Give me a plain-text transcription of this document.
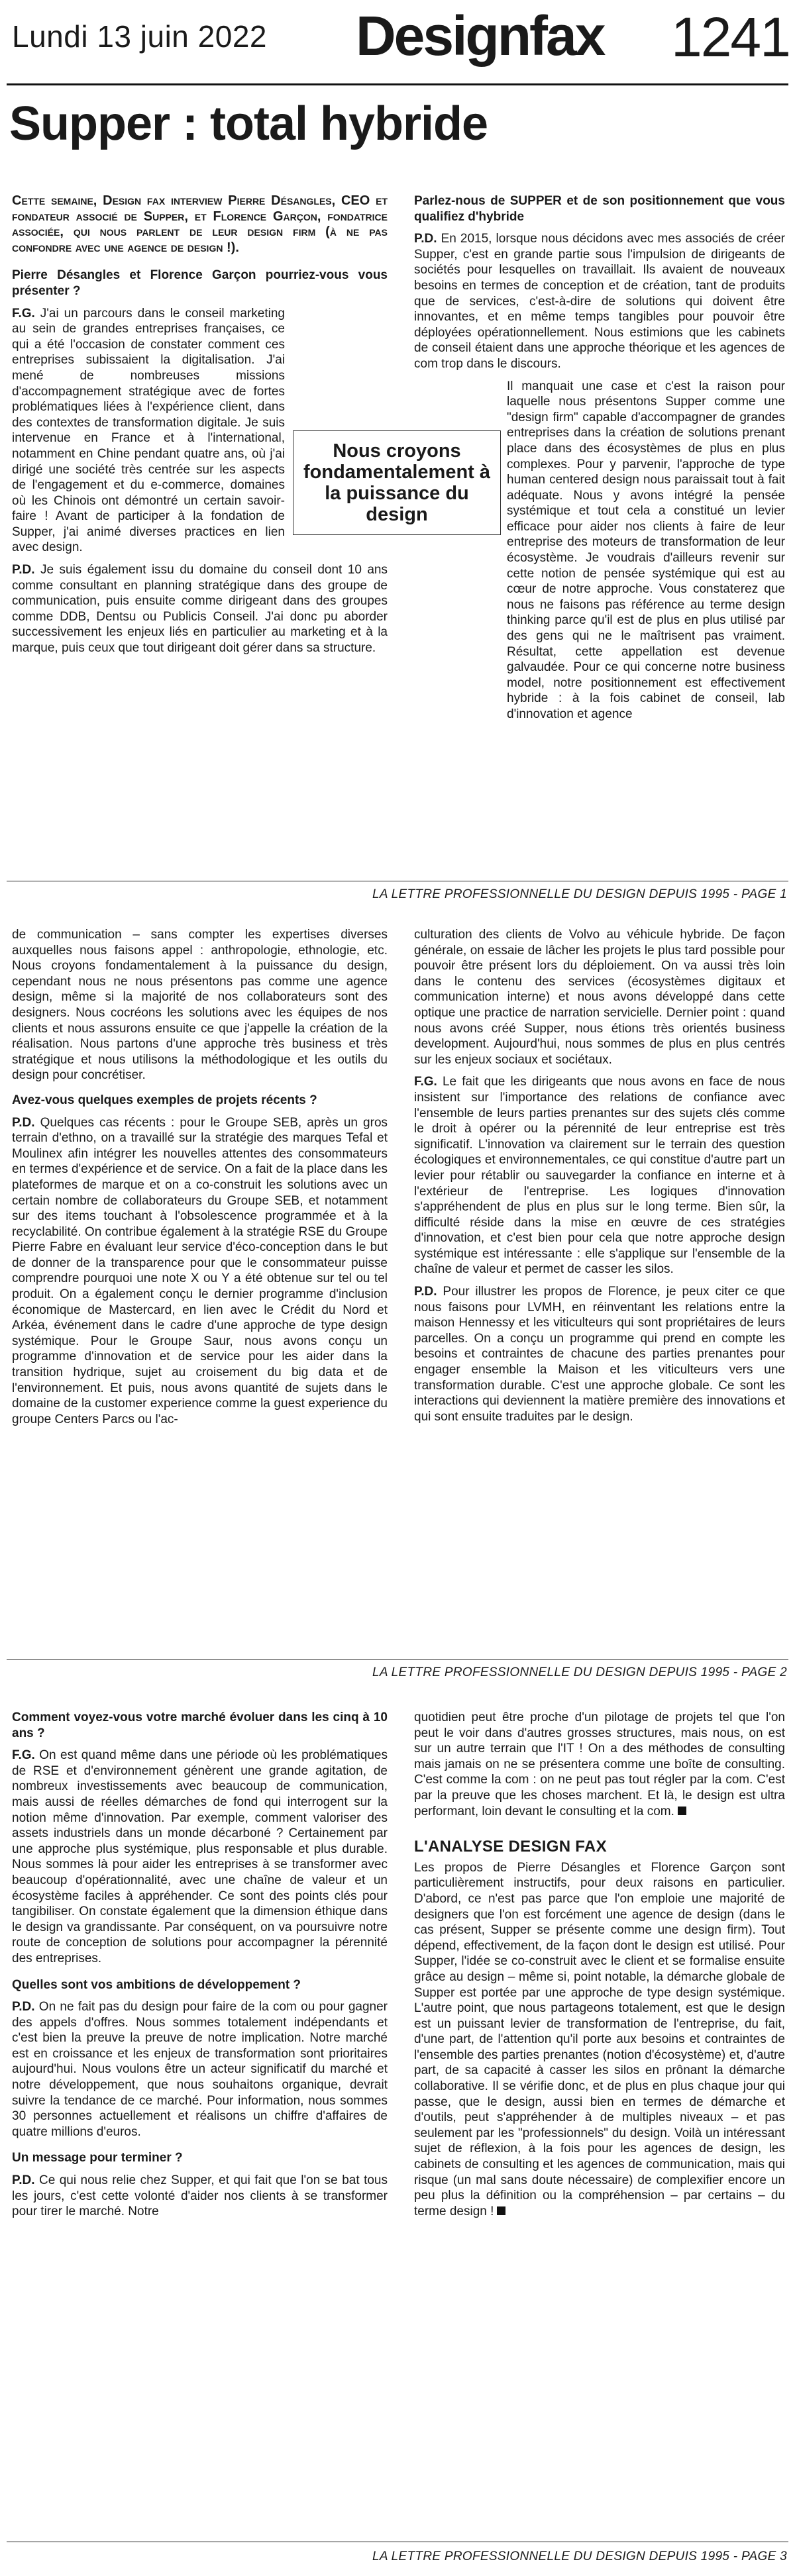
Lundi 13 juin 2022 Designfax 1241
Supper : total hybride

Cette semaine, Design fax interview Pierre Désangles, CEO et fondateur associé de Supper, et Florence Garçon, fondatrice associée, qui nous parlent de leur design firm (à ne pas confondre avec une agence de design !).

Pierre Désangles et Florence Garçon pourriez-vous vous présenter ?

F.G. J'ai un parcours dans le conseil marketing au sein de grandes entreprises françaises, ce qui a été l'occasion de constater comment ces entreprises subissaient la digitalisation. J'ai mené de nombreuses missions d'accompagnement stratégique avec de fortes problématiques liées à l'expérience client, dans des contextes de transformation digitale. Je suis intervenue en France et à l'international, notamment en Chine pendant quatre ans, où j'ai dirigé une société très centrée sur les aspects de l'engagement et du e-commerce, domaines où les Chinois ont démontré un certain savoir-faire ! Avant de participer à la fondation de Supper, j'ai animé diverses practices en lien avec design.

P.D. Je suis également issu du domaine du conseil dont 10 ans comme consultant en planning stratégique dans des groupe de communication, puis ensuite comme dirigeant dans des groupes comme DDB, Dentsu ou Publicis Conseil. J'ai donc pu aborder successivement les enjeux liés en particulier au marketing et à la marque, puis ceux que tout dirigeant doit gérer dans sa structure.

Parlez-nous de SUPPER et de son positionnement que vous qualifiez d'hybride

P.D. En 2015, lorsque nous décidons avec mes associés de créer Supper, c'est en grande partie sous l'impulsion de dirigeants de sociétés pour lesquelles on travaillait. Ils avaient de nouveaux besoins en termes de conception et de création, tant de produits que de services, c'est-à-dire de solutions qui doivent être innovantes, et en même temps tangibles pour pouvoir être déployées opérationnellement. Nous estimions que les cabinets de conseil étaient dans une approche théorique et les agences de com trop dans le discours.

Il manquait une case et c'est la raison pour laquelle nous présentons Supper comme une "design firm" capable d'accompagner de grandes entreprises dans la création de solutions prenant place dans des écosystèmes de plus en plus complexes. Pour y parvenir, l'approche de type human centered design nous paraissait tout à fait adéquate. Nous y avons intégré la pensée systémique et tout cela a constitué un levier efficace pour aider nos clients à faire de leur entreprise des moteurs de transformation de leur écosystème. Je voudrais d'ailleurs revenir sur cette notion de pensée systémique qui est au cœur de notre approche. Vous constaterez que nous ne faisons pas référence au terme design thinking parce qu'il est de plus en plus utilisé par des gens qui ne le maîtrisent pas vraiment. Résultat, cette appellation est devenue galvaudée. Pour ce qui concerne notre business model, notre positionnement est effectivement hybride : à la fois cabinet de conseil, lab d'innovation et agence

Nous croyons fondamentalement à la puissance du design
LA LETTRE PROFESSIONNELLE DU DESIGN DEPUIS 1995 - PAGE 1

de communication – sans compter les expertises diverses auxquelles nous faisons appel : anthropologie, ethnologie, etc. Nous croyons fondamentalement à la puissance du design, cependant nous ne nous présentons pas comme une agence design, même si la majorité de nos collaborateurs sont des designers. Nous cocréons les solutions avec les équipes de nos clients et nous assurons ensuite ce que j'appelle la création de la réalisation. Nous partons d'une approche très business et très stratégique et nous utilisons la méthodologique et les outils du design pour concrétiser.

Avez-vous quelques exemples de projets récents ?

P.D. Quelques cas récents : pour le Groupe SEB, après un gros terrain d'ethno, on a travaillé sur la stratégie des marques Tefal et Moulinex afin intégrer les nouvelles attentes des consommateurs en termes d'expérience et de service. On a fait de la place dans les plateformes de marque et on a co-construit les solutions avec un certain nombre de collaborateurs du Groupe SEB, et notamment sur des items touchant à l'obsolescence programmée et à la recyclabilité. On contribue également à la stratégie RSE du Groupe Pierre Fabre en évaluant leur service d'éco-conception dans le but de donner de la transparence pour que le consommateur puisse comprendre pourquoi une note X ou Y a été obtenue sur tel ou tel produit. On a également conçu le dernier programme d'inclusion économique de Mastercard, en lien avec le Crédit du Nord et Arkéa, événement dans le cadre d'une approche de type design systémique. Pour le Groupe Saur, nous avons conçu un programme d'innovation et de service pour les aider dans la transition hydrique, sujet au croisement du big data et de l'environnement. Et puis, nous avons quantité de sujets dans le domaine de la customer experience comme la guest experience du groupe Centers Parcs ou l'ac-

culturation des clients de Volvo au véhicule hybride. De façon générale, on essaie de lâcher les projets le plus tard possible pour pouvoir être présent lors du déploiement. On va aussi très loin dans le contenu des services (écosystèmes digitaux et communication interne) et nous avons développé dans cette optique une practice de narration servicielle. Dernier point : quand nous avons créé Supper, nous étions très orientés business development. Aujourd'hui, nous sommes de plus en plus centrés sur les enjeux sociaux et sociétaux.

F.G. Le fait que les dirigeants que nous avons en face de nous insistent sur l'importance des relations de confiance avec l'ensemble de leurs parties prenantes sur des sujets clés comme le droit à opérer ou la pérennité de leur entreprise est très significatif. L'innovation va clairement sur le terrain des question écologiques et environnementales, ce qui constitue d'autre part un levier pour rétablir ou sauvegarder la confiance en interne et à l'extérieur de l'entreprise. Les logiques d'innovation s'appréhendent de plus en plus sur le long terme. Bien sûr, la difficulté réside dans la mise en œuvre de ces stratégies d'innovation, et c'est bien pour cela que notre approche design systémique est intéressante : elle s'applique sur l'ensemble de la chaîne de valeur et permet de casser les silos.

P.D. Pour illustrer les propos de Florence, je peux citer ce que nous faisons pour LVMH, en réinventant les relations entre la maison Hennessy et les viticulteurs qui sont propriétaires de leurs parcelles. On a conçu un programme qui prend en compte les besoins et contraintes de chacune des parties prenantes pour engager ensemble la Maison et les viticulteurs vers une transformation durable. C'est une approche globale. Ce sont les interactions qui deviennent la matière première des innovations et qui sont ensuite traduites par le design.

LA LETTRE PROFESSIONNELLE DU DESIGN DEPUIS 1995 - PAGE 2

Comment voyez-vous votre marché évoluer dans les cinq à 10 ans ?

F.G. On est quand même dans une période où les problématiques de RSE et d'environnement génèrent une grande agitation, de nombreux investissements avec beaucoup de communication, mais aussi de réelles démarches de fond qui interrogent sur la notion même d'innovation. Par exemple, comment valoriser des assets industriels dans un monde décarboné ? Certainement par une approche plus systémique, plus responsable et plus durable. Nous sommes là pour aider les entreprises à se transformer avec beaucoup d'opérationnalité, avec une chaîne de valeur et un écosystème faciles à appréhender. Ce sont des points clés pour tangibiliser. On constate également que la dimension éthique dans le design va grandissante. Par conséquent, on va poursuivre notre route de conception de solutions pour accompagner la pérennité des entreprises.

Quelles sont vos ambitions de développement ?

P.D. On ne fait pas du design pour faire de la com ou pour gagner des appels d'offres. Nous sommes totalement indépendants et c'est bien la preuve la preuve de notre implication. Notre marché est en croissance et les enjeux de transformation sont prioritaires aujourd'hui. Nous voulons être un acteur significatif du marché et notre développement, que nous souhaitons organique, devrait suivre la tendance de ce marché. Pour information, nous sommes 30 personnes actuellement et réalisons un chiffre d'affaires de quatre millions d'euros.

Un message pour terminer ?

P.D. Ce qui nous relie chez Supper, et qui fait que l'on se bat tous les jours, c'est cette volonté d'aider nos clients à se transformer pour tirer le marché. Notre

quotidien peut être proche d'un pilotage de projets tel que l'on peut le voir dans d'autres grosses structures, mais nous, on est sur un autre terrain que l'IT ! On a des méthodes de consulting mais jamais on ne se présentera comme une boîte de consulting. C'est comme la com : on ne peut pas tout régler par la com. C'est par la preuve que les choses marchent. Et là, le design est ultra performant, loin devant le consulting et la com.

L'ANALYSE DESIGN FAX

Les propos de Pierre Désangles et Florence Garçon sont particulièrement instructifs, pour deux raisons en particulier. D'abord, ce n'est pas parce que l'on emploie une majorité de designers que l'on est forcément une agence de design (dans le cas présent, Supper se présente comme une design firm). Tout dépend, effectivement, de la façon dont le design est utilisé. Pour Supper, l'idée se co-construit avec le client et se formalise ensuite grâce au design – même si, point notable, la démarche globale de Supper est portée par une approche de type design systémique. L'autre point, que nous partageons totalement, est que le design est un puissant levier de transformation de l'entreprise, du fait, d'une part, de l'attention qu'il porte aux besoins et contraintes de l'ensemble des parties prenantes (notion d'écosystème) et, d'autre part, de sa capacité à casser les silos en prônant la démarche collaborative. Il se vérifie donc, et de plus en plus chaque jour qui passe, que le design, aussi bien en termes de démarche et d'outils, peut s'appréhender à de multiples niveaux – et pas seulement par les "professionnels" du design. Voilà un intéressant sujet de réflexion, à la fois pour les agences de design, les cabinets de consulting et les agences de communication, mais qui risque (un mal sans doute nécessaire) de complexifier encore un peu plus la définition ou la compréhension – par certains – du terme design !

LA LETTRE PROFESSIONNELLE DU DESIGN DEPUIS 1995 - PAGE 3
